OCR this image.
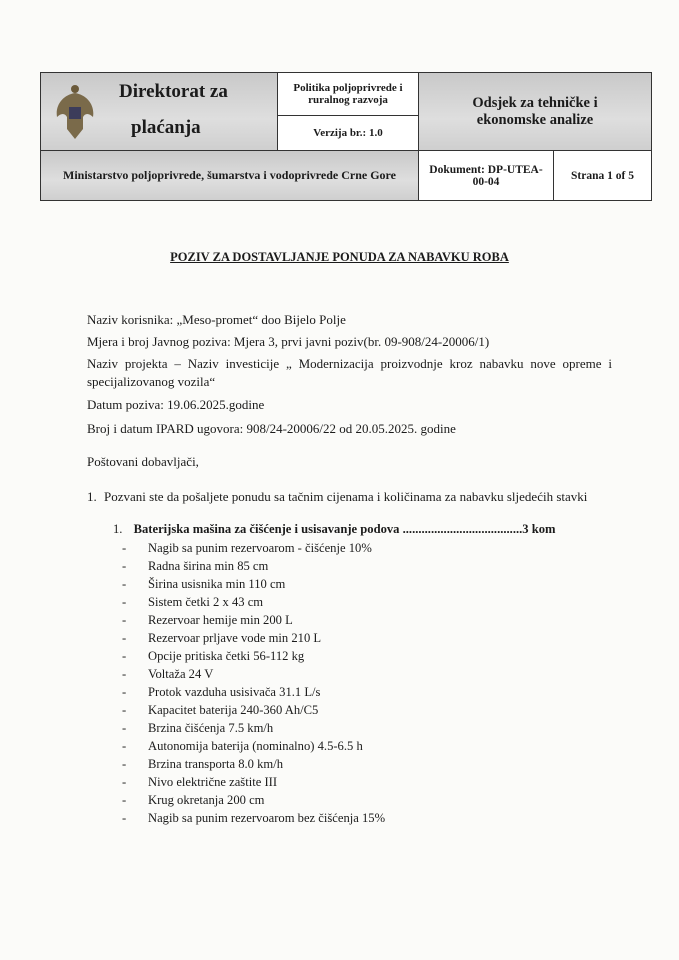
Direktorat za
plaćanja
Politika poljoprivrede i ruralnog razvoja
Verzija br.: 1.0
Odsjek za tehničke i ekonomske analize
Ministarstvo poljoprivrede, šumarstva i vodoprivrede Crne Gore	Dokument: DP-UTEA-00-04	Strana 1 of 5
POZIV ZA DOSTAVLJANJE PONUDA ZA NABAVKU ROBA
Naziv korisnika: „Meso-promet“ doo Bijelo Polje
Mjera i broj Javnog poziva: Mjera 3, prvi javni poziv(br. 09-908/24-20006/1)
Naziv projekta – Naziv investicije „ Modernizacija proizvodnje kroz nabavku nove opreme i
specijalizovanog vozila“
Datum poziva: 19.06.2025.godine
Broj i datum IPARD ugovora: 908/24-20006/22 od 20.05.2025. godine
Poštovani dobavljači,
1. Pozvani ste da pošaljete ponudu sa tačnim cijenama i količinama za nabavku sljedećih stavki
1. Baterijska mašina za čišćenje i usisavanje podova ......................................3 kom
- Nagib sa punim rezervoarom - čišćenje 10%
- Radna širina min 85 cm
- Širina usisnika min 110 cm
- Sistem četki 2 x 43 cm
- Rezervoar hemije min 200 L
- Rezervoar prljave vode min 210 L
- Opcije pritiska četki 56-112 kg
- Voltaža 24 V
- Protok vazduha usisivača 31.1 L/s
- Kapacitet baterija 240-360 Ah/C5
- Brzina čišćenja 7.5 km/h
- Autonomija baterija (nominalno) 4.5-6.5 h
- Brzina transporta 8.0 km/h
- Nivo električne zaštite III
- Krug okretanja 200 cm
- Nagib sa punim rezervoarom bez čišćenja 15%
